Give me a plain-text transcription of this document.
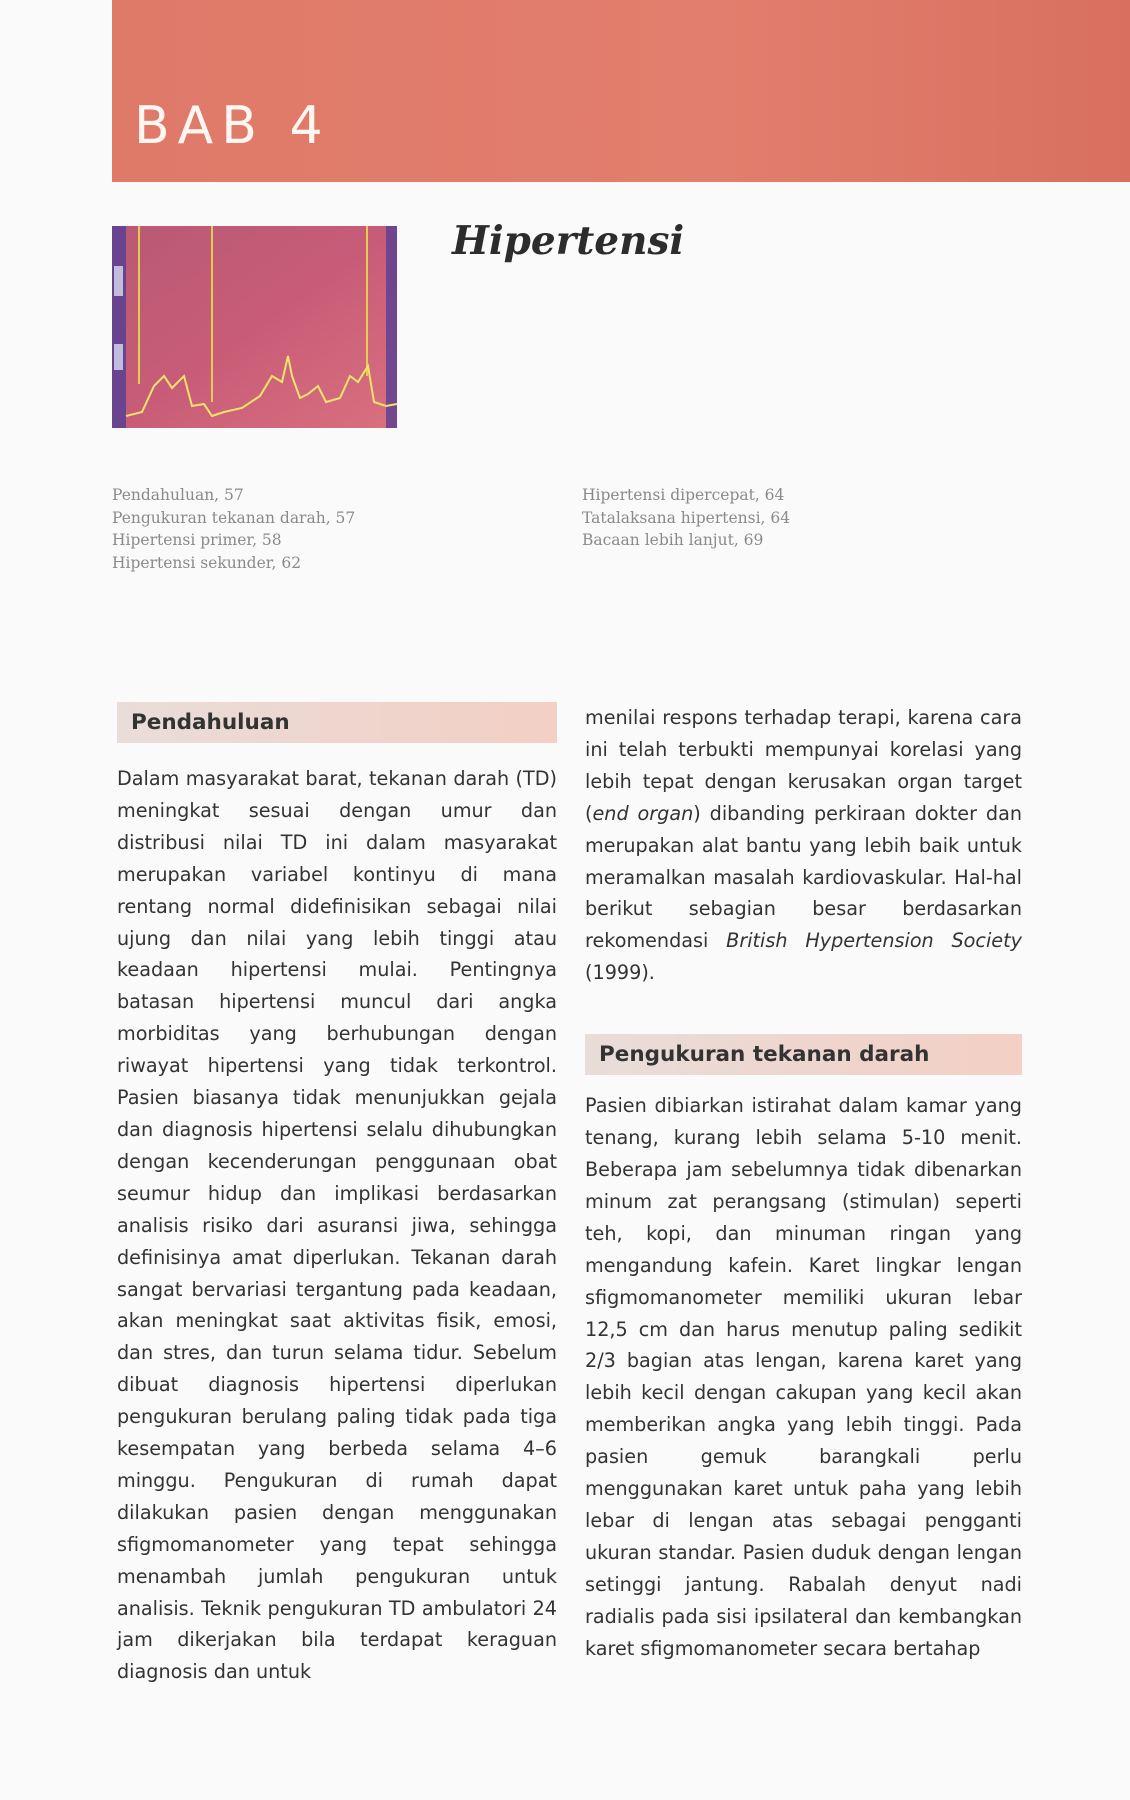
BAB 4
Hipertensi
Pendahuluan, 57
Pengukuran tekanan darah, 57
Hipertensi primer, 58
Hipertensi sekunder, 62
Hipertensi dipercepat, 64
Tatalaksana hipertensi, 64
Bacaan lebih lanjut, 69
Pendahuluan

Dalam masyarakat barat, tekanan darah (TD) meningkat sesuai dengan umur dan distribusi nilai TD ini dalam masyarakat merupakan variabel kontinyu di mana rentang normal didefinisikan sebagai nilai ujung dan nilai yang lebih tinggi atau keadaan hipertensi mulai. Pentingnya batasan hipertensi muncul dari angka morbiditas yang berhubungan dengan riwayat hipertensi yang tidak terkontrol. Pasien biasanya tidak menunjukkan gejala dan diagnosis hipertensi selalu dihubungkan dengan kecenderungan penggunaan obat seumur hidup dan implikasi berdasarkan analisis risiko dari asuransi jiwa, sehingga definisinya amat diperlukan. Tekanan darah sangat bervariasi tergantung pada keadaan, akan meningkat saat aktivitas fisik, emosi, dan stres, dan turun selama tidur. Sebelum dibuat diagnosis hipertensi diperlukan pengukuran berulang paling tidak pada tiga kesempatan yang berbeda selama 4–6 minggu. Pengukuran di rumah dapat dilakukan pasien dengan menggunakan sfigmomanometer yang tepat sehingga menambah jumlah pengukuran untuk analisis. Teknik pengukuran TD ambulatori 24 jam dikerjakan bila terdapat keraguan diagnosis dan untuk

menilai respons terhadap terapi, karena cara ini telah terbukti mempunyai korelasi yang lebih tepat dengan kerusakan organ target (end organ) dibanding perkiraan dokter dan merupakan alat bantu yang lebih baik untuk meramalkan masalah kardiovaskular. Hal-hal berikut sebagian besar berdasarkan rekomendasi British Hypertension Society (1999).

Pengukuran tekanan darah

Pasien dibiarkan istirahat dalam kamar yang tenang, kurang lebih selama 5-10 menit. Beberapa jam sebelumnya tidak dibenarkan minum zat perangsang (stimulan) seperti teh, kopi, dan minuman ringan yang mengandung kafein. Karet lingkar lengan sfigmomanometer memiliki ukuran lebar 12,5 cm dan harus menutup paling sedikit 2/3 bagian atas lengan, karena karet yang lebih kecil dengan cakupan yang kecil akan memberikan angka yang lebih tinggi. Pada pasien gemuk barangkali perlu menggunakan karet untuk paha yang lebih lebar di lengan atas sebagai pengganti ukuran standar. Pasien duduk dengan lengan setinggi jantung. Rabalah denyut nadi radialis pada sisi ipsilateral dan kembangkan karet sfigmomanometer secara bertahap
